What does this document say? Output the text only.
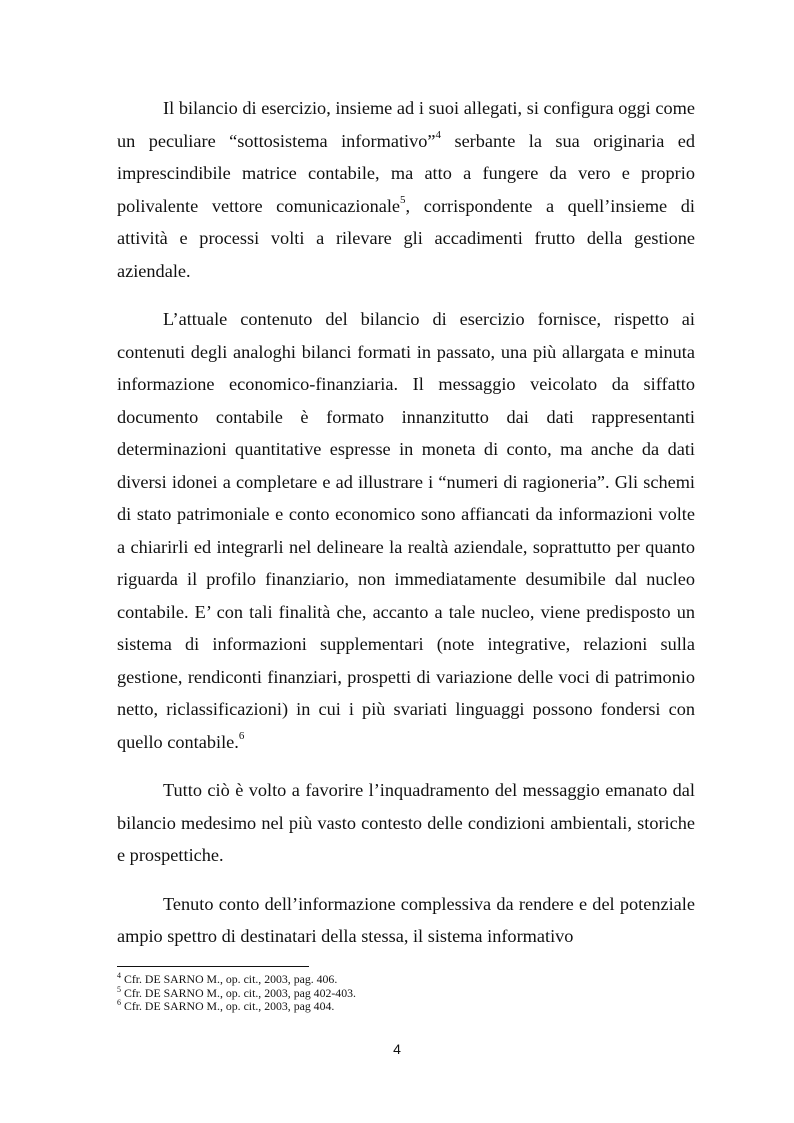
Il bilancio di esercizio, insieme ad i suoi allegati, si configura oggi come un peculiare “sottosistema informativo”$^4$ serbante la sua originaria ed imprescindibile matrice contabile, ma atto a fungere da vero e proprio polivalente vettore comunicazionale$^5$, corrispondente a quell’insieme di attività e processi volti a rilevare gli accadimenti frutto della gestione aziendale.

L’attuale contenuto del bilancio di esercizio fornisce, rispetto ai contenuti degli analoghi bilanci formati in passato, una più allargata e minuta informazione economico-finanziaria. Il messaggio veicolato da siffatto documento contabile è formato innanzitutto dai dati rappresentanti determinazioni quantitative espresse in moneta di conto, ma anche da dati diversi idonei a completare e ad illustrare i “numeri di ragioneria”. Gli schemi di stato patrimoniale e conto economico sono affiancati da informazioni volte a chiarirli ed integrarli nel delineare la realtà aziendale, soprattutto per quanto riguarda il profilo finanziario, non immediatamente desumibile dal nucleo contabile. E’ con tali finalità che, accanto a tale nucleo, viene predisposto un sistema di informazioni supplementari (note integrative, relazioni sulla gestione, rendiconti finanziari, prospetti di variazione delle voci di patrimonio netto, riclassificazioni) in cui i più svariati linguaggi possono fondersi con quello contabile.$^6$

Tutto ciò è volto a favorire l’inquadramento del messaggio emanato dal bilancio medesimo nel più vasto contesto delle condizioni ambientali, storiche e prospettiche.

Tenuto conto dell’informazione complessiva da rendere e del potenziale ampio spettro di destinatari della stessa, il sistema informativo

$^4$ Cfr. DE SARNO M., op. cit., 2003, pag. 406.

$^5$ Cfr. DE SARNO M., op. cit., 2003, pag 402-403.

$^6$ Cfr. DE SARNO M., op. cit., 2003, pag 404.

4
